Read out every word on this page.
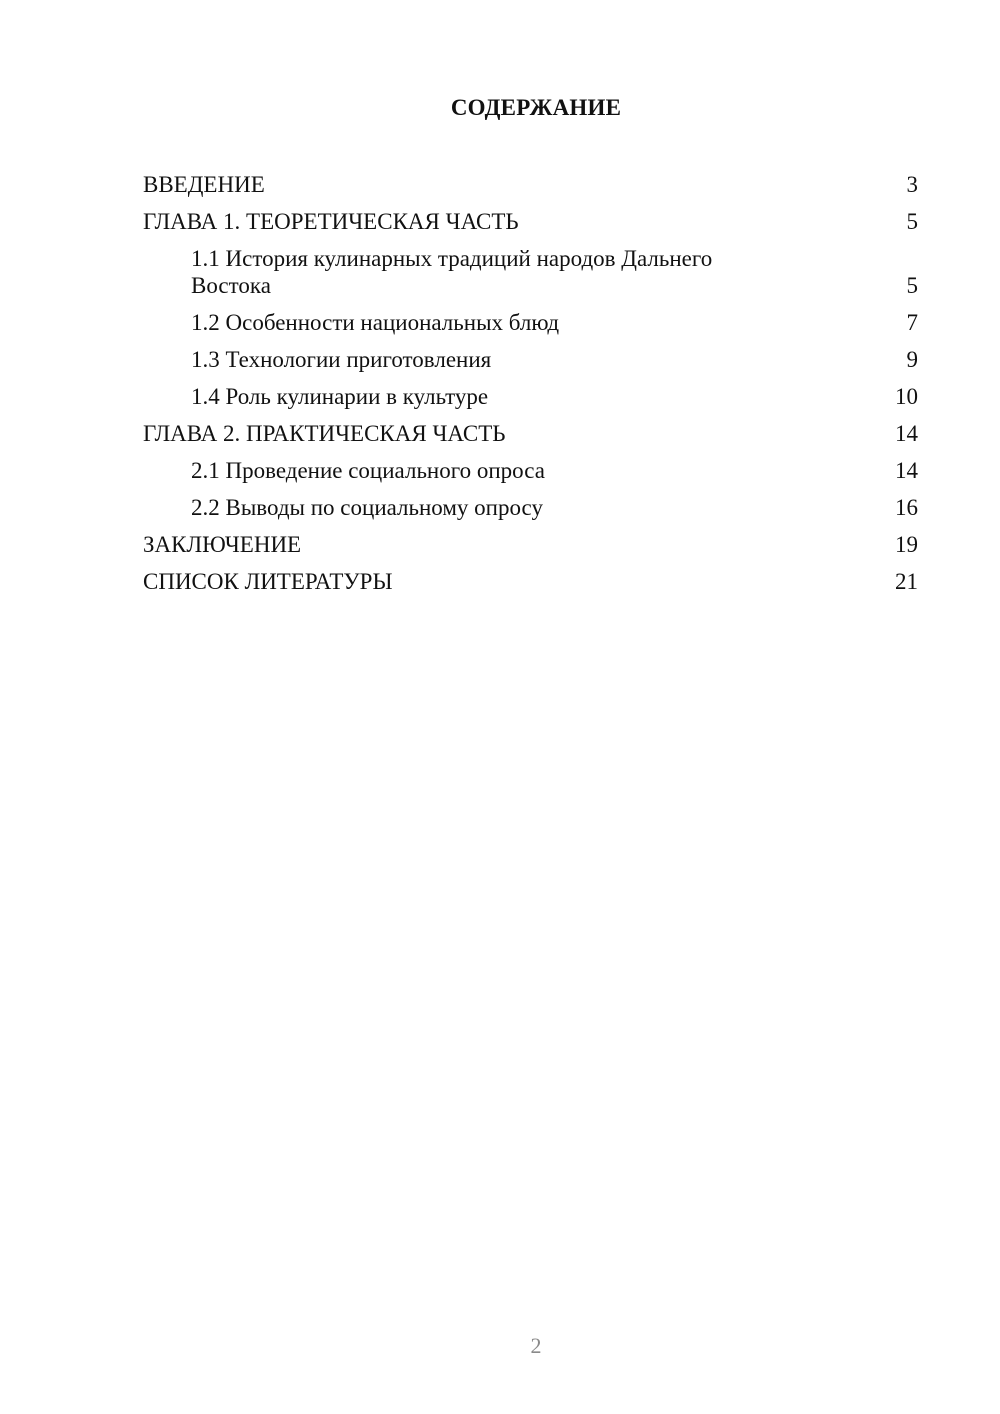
СОДЕРЖАНИЕ
ВВЕДЕНИЕ	3
ГЛАВА 1. ТЕОРЕТИЧЕСКАЯ ЧАСТЬ	5
1.1 История кулинарных традиций народов Дальнего
Востока	5
1.2 Особенности национальных блюд	7
1.3 Технологии приготовления	9
1.4 Роль кулинарии в культуре	10
ГЛАВА 2. ПРАКТИЧЕСКАЯ ЧАСТЬ	14
2.1 Проведение социального опроса	14
2.2 Выводы по социальному опросу	16
ЗАКЛЮЧЕНИЕ	19
СПИСОК ЛИТЕРАТУРЫ	21
2
